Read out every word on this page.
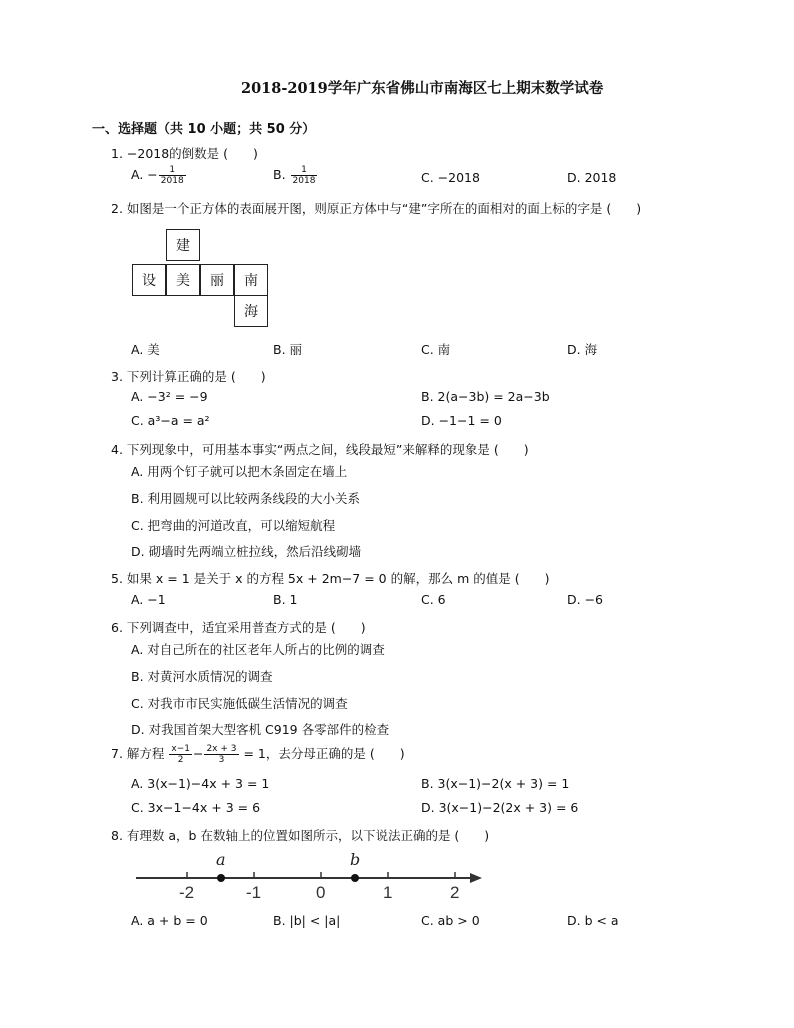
2018-2019学年广东省佛山市南海区七上期末数学试卷
一、选择题（共 10 小题；共 50 分）
1. −2018的倒数是 (　　)
A. − $\frac{1}{2018}$	B. $\frac{1}{2018}$	C. −2018	D. 2018
2. 如图是一个正方体的表面展开图，则原正方体中与“建”字所在的面相对的面上标的字是 (　　)
建
设	美	丽	南
海
A. 美	B. 丽	C. 南	D. 海
3. 下列计算正确的是 (　　)
A. −3² = −9	B. 2(a−3b) = 2a−3b
C. a³−a = a²	D. −1−1 = 0
4. 下列现象中，可用基本事实“两点之间，线段最短”来解释的现象是 (　　)
A. 用两个钉子就可以把木条固定在墙上
B. 利用圆规可以比较两条线段的大小关系
C. 把弯曲的河道改直，可以缩短航程
D. 砌墙时先两端立桩拉线，然后沿线砌墙
5. 如果 x = 1 是关于 x 的方程 5x + 2m−7 = 0 的解，那么 m 的值是 (　　)
A. −1	B. 1	C. 6	D. −6
6. 下列调查中，适宜采用普查方式的是 (　　)
A. 对自己所在的社区老年人所占的比例的调查
B. 对黄河水质情况的调查
C. 对我市市民实施低碳生活情况的调查
D. 对我国首架大型客机 C919 各零部件的检查
7. 解方程 $\frac{x-1}{2} - \frac{2x + 3}{3} = 1$，去分母正确的是 (　　)
A. 3(x−1)−4x + 3 = 1	B. 3(x−1)−2(x + 3) = 1
C. 3x−1−4x + 3 = 6	D. 3(x−1)−2(2x + 3) = 6
8. 有理数 a，b 在数轴上的位置如图所示，以下说法正确的是 (　　)
-2	-1	0	1	2
a	b
A. a + b = 0	B. |b| < |a|	C. ab > 0	D. b < a
